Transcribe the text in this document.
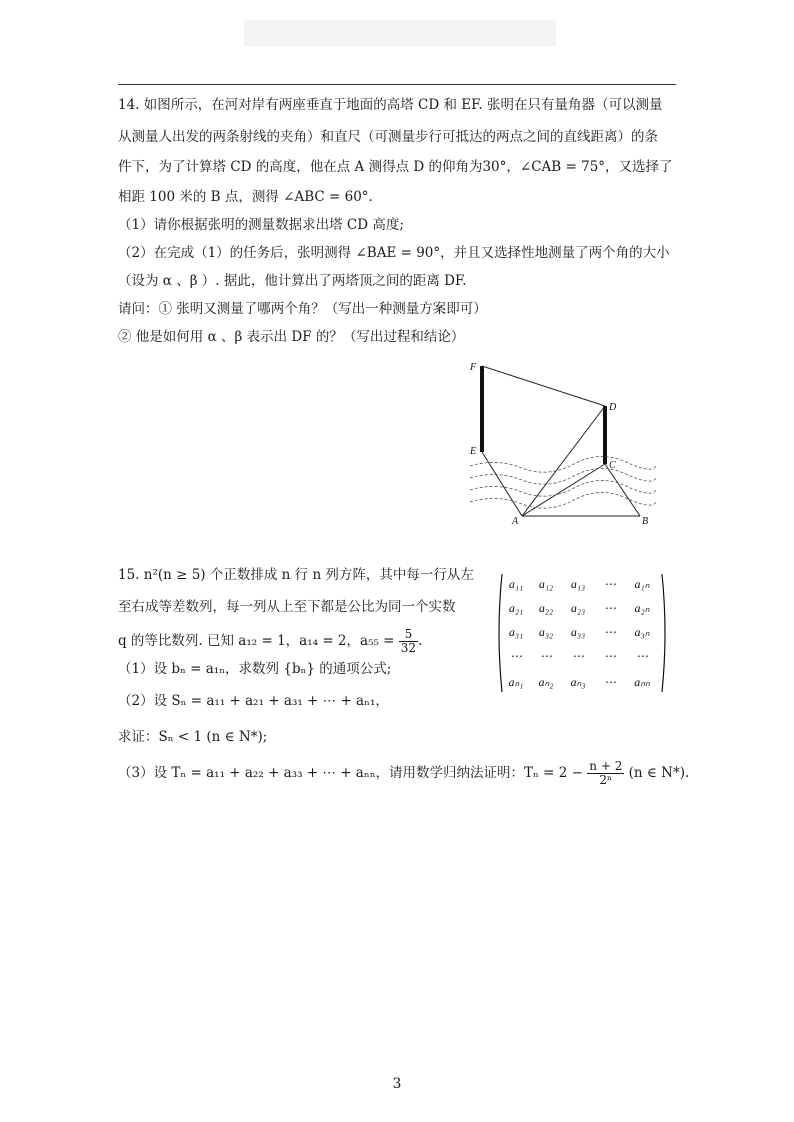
14. 如图所示，在河对岸有两座垂直于地面的高塔 CD 和 EF. 张明在只有量角器（可以测量
从测量人出发的两条射线的夹角）和直尺（可测量步行可抵达的两点之间的直线距离）的条
件下，为了计算塔 CD 的高度，他在点 A 测得点 D 的仰角为30°，∠CAB = 75°，又选择了
相距 100 米的 B 点，测得 ∠ABC = 60°.
（1）请你根据张明的测量数据求出塔 CD 高度;
（2）在完成（1）的任务后，张明测得 ∠BAE = 90°，并且又选择性地测量了两个角的大小
（设为 α 、β ）. 据此，他计算出了两塔顶之间的距离 DF.
请问：① 张明又测量了哪两个角？（写出一种测量方案即可）
② 他是如何用 α 、β 表示出 DF 的？（写出过程和结论）
F
D
E
C
A	B
15. n²(n ≥ 5) 个正数排成 n 行 n 列方阵，其中每一行从左
至右成等差数列，每一列从上至下都是公比为同一个实数
q 的等比数列. 已知 a₁₂ = 1，a₁₄ = 2，$a_{55} = \frac{5}{32}$ .
（1）设 bₙ = a₁ₙ，求数列 {bₙ} 的通项公式;
（2）设 Sₙ = a₁₁ + a₂₁ + a₃₁ + ⋯ + aₙ₁，
求证：Sₙ < 1 (n ∈ N*);
（3）设 Tₙ = a₁₁ + a₂₂ + a₃₃ + ⋯ + aₙₙ，请用数学归纳法证明：$T_n = 2 - \frac{n + 2}{\text{2ⁿ}} (n$ ∈ N*).
a₁₁ a₁₂ a₁₃ ⋯ a₁ₙ
a₂₁ a₂₂ a₂₃ ⋯ a₂ₙ
a₃₁ a₃₂ a₃₃ ⋯ a₃ₙ
⋯ ⋯ ⋯ ⋯ ⋯
aₙ₁ aₙ₂ aₙ₃ ⋯ aₙₙ
3
